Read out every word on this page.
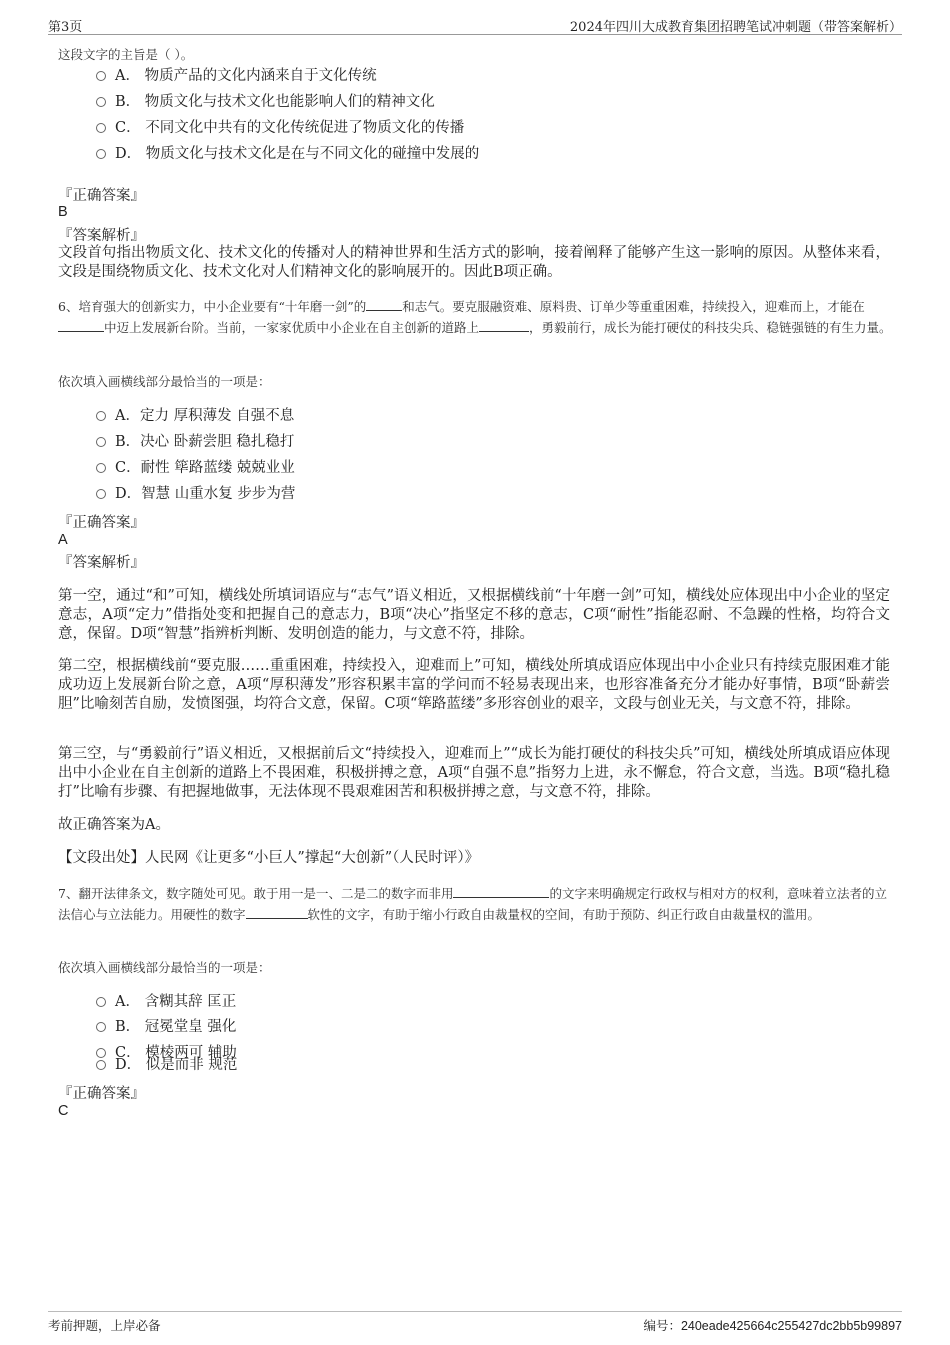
第3页	2024年四川大成教育集团招聘笔试冲刺题（带答案解析）
这段文字的主旨是（ ）。
A． 物质产品的文化内涵来自于文化传统
B． 物质文化与技术文化也能影响人们的精神文化
C． 不同文化中共有的文化传统促进了物质文化的传播
D． 物质文化与技术文化是在与不同文化的碰撞中发展的
『正确答案』
B
『答案解析』
文段首句指出物质文化、技术文化的传播对人的精神世界和生活方式的影响，接着阐释了能够产生这一影响的原因。从整体来看，文段是围绕物质文化、技术文化对人们精神文化的影响展开的。因此B项正确。
6、培育强大的创新实力，中小企业要有“十年磨一剑”的	和志气。要克服融资难、原料贵、订单少等重重困难，持续投入，迎难而上，才能在中迈上发展新台阶。当前，一家家优质中小企业在自主创新的道路上	，勇毅前行，成长为能打硬仗的科技尖兵、稳链强链的有生力量。
依次填入画横线部分最恰当的一项是：
A．定力 厚积薄发 自强不息
B．决心 卧薪尝胆 稳扎稳打
C．耐性 筚路蓝缕 兢兢业业
D．智慧 山重水复 步步为营
『正确答案』
A
『答案解析』
第一空，通过“和”可知，横线处所填词语应与“志气”语义相近，又根据横线前“十年磨一剑”可知，横线处应体现出中小企业的坚定意志，A项“定力”借指处变和把握自己的意志力，B项“决心”指坚定不移的意志，C项“耐性”指能忍耐、不急躁的性格，均符合文意，保留。D项“智慧”指辨析判断、发明创造的能力，与文意不符，排除。
第二空，根据横线前“要克服……重重困难，持续投入，迎难而上”可知，横线处所填成语应体现出中小企业只有持续克服困难才能成功迈上发展新台阶之意，A项“厚积薄发”形容积累丰富的学问而不轻易表现出来，也形容准备充分才能办好事情，B项“卧薪尝胆”比喻刻苦自励，发愤图强，均符合文意，保留。C项“筚路蓝缕”多形容创业的艰辛，文段与创业无关，与文意不符，排除。
第三空，与“勇毅前行”语义相近，又根据前后文“持续投入，迎难而上”“成长为能打硬仗的科技尖兵”可知，横线处所填成语应体现出中小企业在自主创新的道路上不畏困难，积极拼搏之意，A项“自强不息”指努力上进，永不懈怠，符合文意，当选。B项“稳扎稳打”比喻有步骤、有把握地做事，无法体现不畏艰难困苦和积极拼搏之意，与文意不符，排除。
故正确答案为A。
【文段出处】人民网《让更多“小巨人”撑起“大创新”（人民时评）》
7、翻开法律条文，数字随处可见。敢于用一是一、二是二的数字而非用	的文字来明确规定行政权与相对方的权利，意味着立法者的立法信心与立法能力。用硬性的数字	软性的文字，有助于缩小行政自由裁量权的空间，有助于预防、纠正行政自由裁量权的滥用。
依次填入画横线部分最恰当的一项是：
A． 含糊其辞 匡正
B． 冠冕堂皇 强化
C． 模棱两可 辅助
D． 似是而非 规范
『正确答案』
C
考前押题，上岸必备	编号：240eade425664c255427dc2bb5b99897
